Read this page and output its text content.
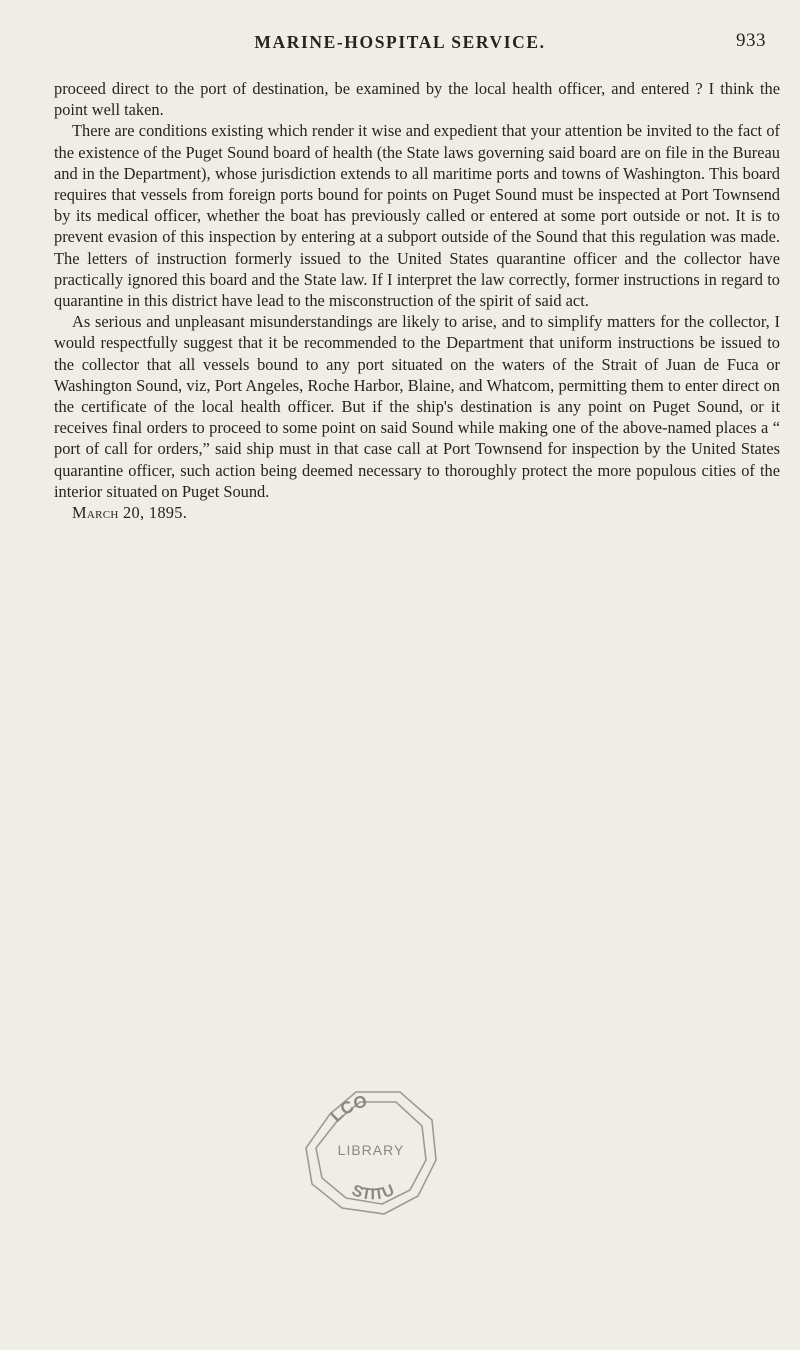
MARINE-HOSPITAL SERVICE.	933

proceed direct to the port of destination, be examined by the local health officer, and entered ? I think the point well taken.

There are conditions existing which render it wise and expedient that your attention be invited to the fact of the existence of the Puget Sound board of health (the State laws governing said board are on file in the Bureau and in the Department), whose jurisdiction extends to all maritime ports and towns of Washington. This board requires that vessels from foreign ports bound for points on Puget Sound must be inspected at Port Townsend by its medical officer, whether the boat has previously called or entered at some port outside or not. It is to prevent evasion of this inspection by entering at a subport outside of the Sound that this regulation was made. The letters of instruction formerly issued to the United States quarantine officer and the collector have practically ignored this board and the State law. If I interpret the law correctly, former instructions in regard to quarantine in this district have lead to the misconstruction of the spirit of said act.

As serious and unpleasant misunderstandings are likely to arise, and to simplify matters for the collector, I would respectfully suggest that it be recommended to the Department that uniform instructions be issued to the collector that all vessels bound to any port situated on the waters of the Strait of Juan de Fuca or Washington Sound, viz, Port Angeles, Roche Harbor, Blaine, and Whatcom, permitting them to enter direct on the certificate of the local health officer. But if the ship's destination is any point on Puget Sound, or it receives final orders to proceed to some point on said Sound while making one of the above-named places a “ port of call for orders,” said ship must in that case call at Port Townsend for inspection by the United States quarantine officer, such action being deemed necessary to thoroughly protect the more populous cities of the interior situated on Puget Sound.

March 20, 1895.

LCO
STITU
LIBRARY
